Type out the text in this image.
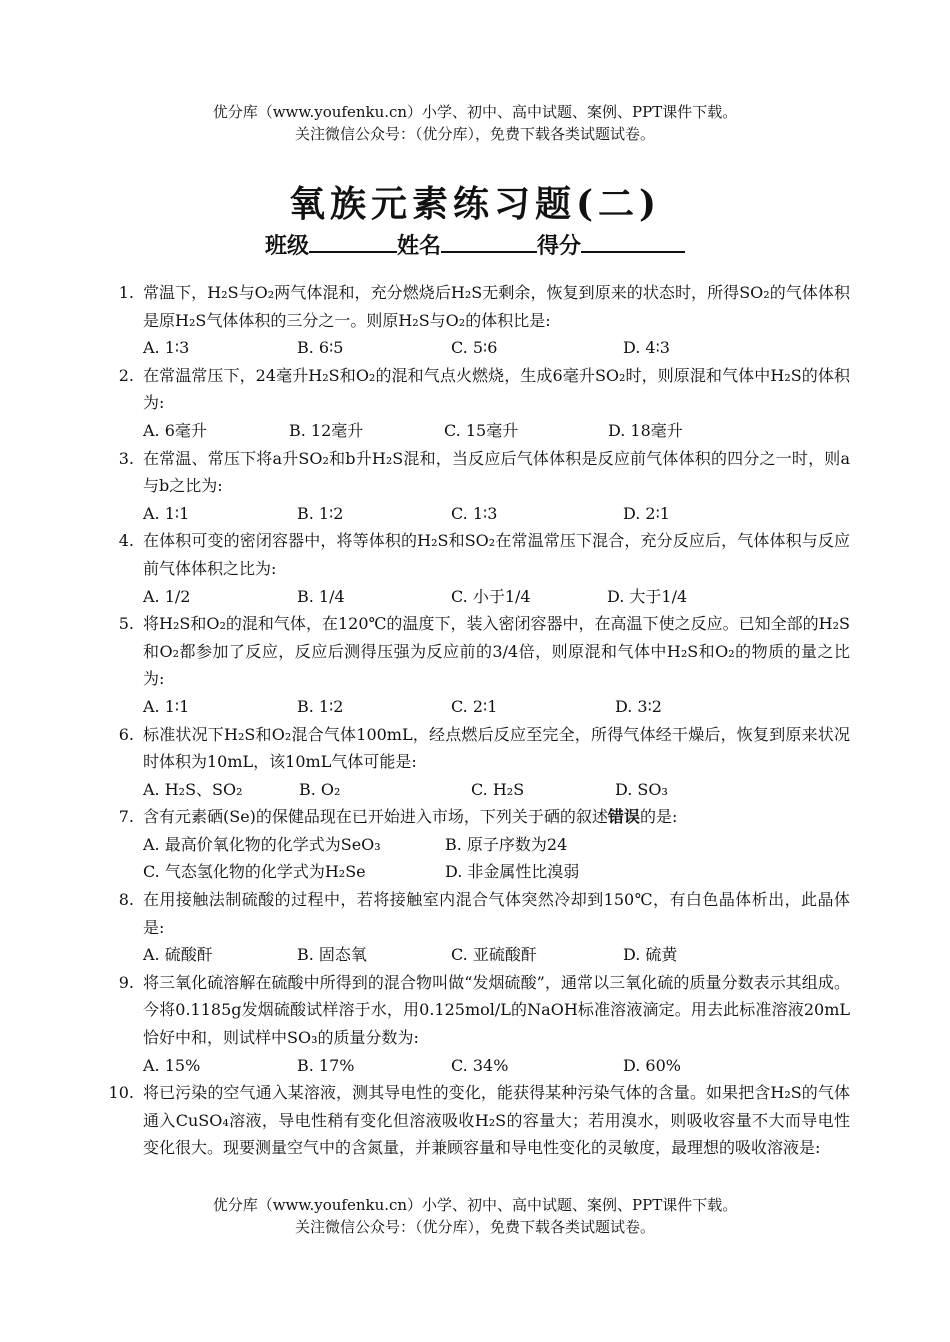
优分库（www.youfenku.cn）小学、初中、高中试题、案例、PPT课件下载。
关注微信公众号：（优分库），免费下载各类试题试卷。
氧族元素练习题(二)
班级	姓名	得分
1. 常温下，H₂S与O₂两气体混和，充分燃烧后H₂S无剩余，恢复到原来的状态时，所得SO₂的气体体积是原H₂S气体体积的三分之一。则原H₂S与O₂的体积比是:
A. 1∶3	B. 6∶5	C. 5∶6	D. 4∶3
2. 在常温常压下，24毫升H₂S和O₂的混和气点火燃烧，生成6毫升SO₂时，则原混和气体中H₂S的体积为:
A. 6毫升	B. 12毫升	C. 15毫升	D. 18毫升
3. 在常温、常压下将a升SO₂和b升H₂S混和，当反应后气体体积是反应前气体体积的四分之一时，则a与b之比为:
A. 1∶1	B. 1∶2	C. 1∶3	D. 2∶1
4. 在体积可变的密闭容器中，将等体积的H₂S和SO₂在常温常压下混合，充分反应后，气体体积与反应前气体体积之比为:
A. 1/2	B. 1/4	C. 小于1/4	D. 大于1/4
5. 将H₂S和O₂的混和气体，在120℃的温度下，装入密闭容器中，在高温下使之反应。已知全部的H₂S和O₂都参加了反应，反应后测得压强为反应前的3/4倍，则原混和气体中H₂S和O₂的物质的量之比为:
A. 1∶1	B. 1∶2	C. 2∶1	D. 3∶2
6. 标准状况下H₂S和O₂混合气体100mL，经点燃后反应至完全，所得气体经干燥后，恢复到原来状况时体积为10mL，该10mL气体可能是:
A. H₂S、SO₂	B. O₂	C. H₂S	D. SO₃
7. 含有元素硒(Se)的保健品现在已开始进入市场，下列关于硒的叙述错误的是:
A. 最高价氧化物的化学式为SeO₃	B. 原子序数为24
C. 气态氢化物的化学式为H₂Se	D. 非金属性比溴弱
8. 在用接触法制硫酸的过程中，若将接触室内混合气体突然冷却到150℃，有白色晶体析出，此晶体是:
A. 硫酸酐	B. 固态氧	C. 亚硫酸酐	D. 硫黄
9. 将三氧化硫溶解在硫酸中所得到的混合物叫做“发烟硫酸”，通常以三氧化硫的质量分数表示其组成。今将0.1185g发烟硫酸试样溶于水，用0.125mol/L的NaOH标准溶液滴定。用去此标准溶液20mL恰好中和，则试样中SO₃的质量分数为:
A. 15%	B. 17%	C. 34%	D. 60%
10. 将已污染的空气通入某溶液，测其导电性的变化，能获得某种污染气体的含量。如果把含H₂S的气体通入CuSO₄溶液，导电性稍有变化但溶液吸收H₂S的容量大；若用溴水，则吸收容量不大而导电性变化很大。现要测量空气中的含氮量，并兼顾容量和导电性变化的灵敏度，最理想的吸收溶液是:
优分库（www.youfenku.cn）小学、初中、高中试题、案例、PPT课件下载。
关注微信公众号：（优分库），免费下载各类试题试卷。
